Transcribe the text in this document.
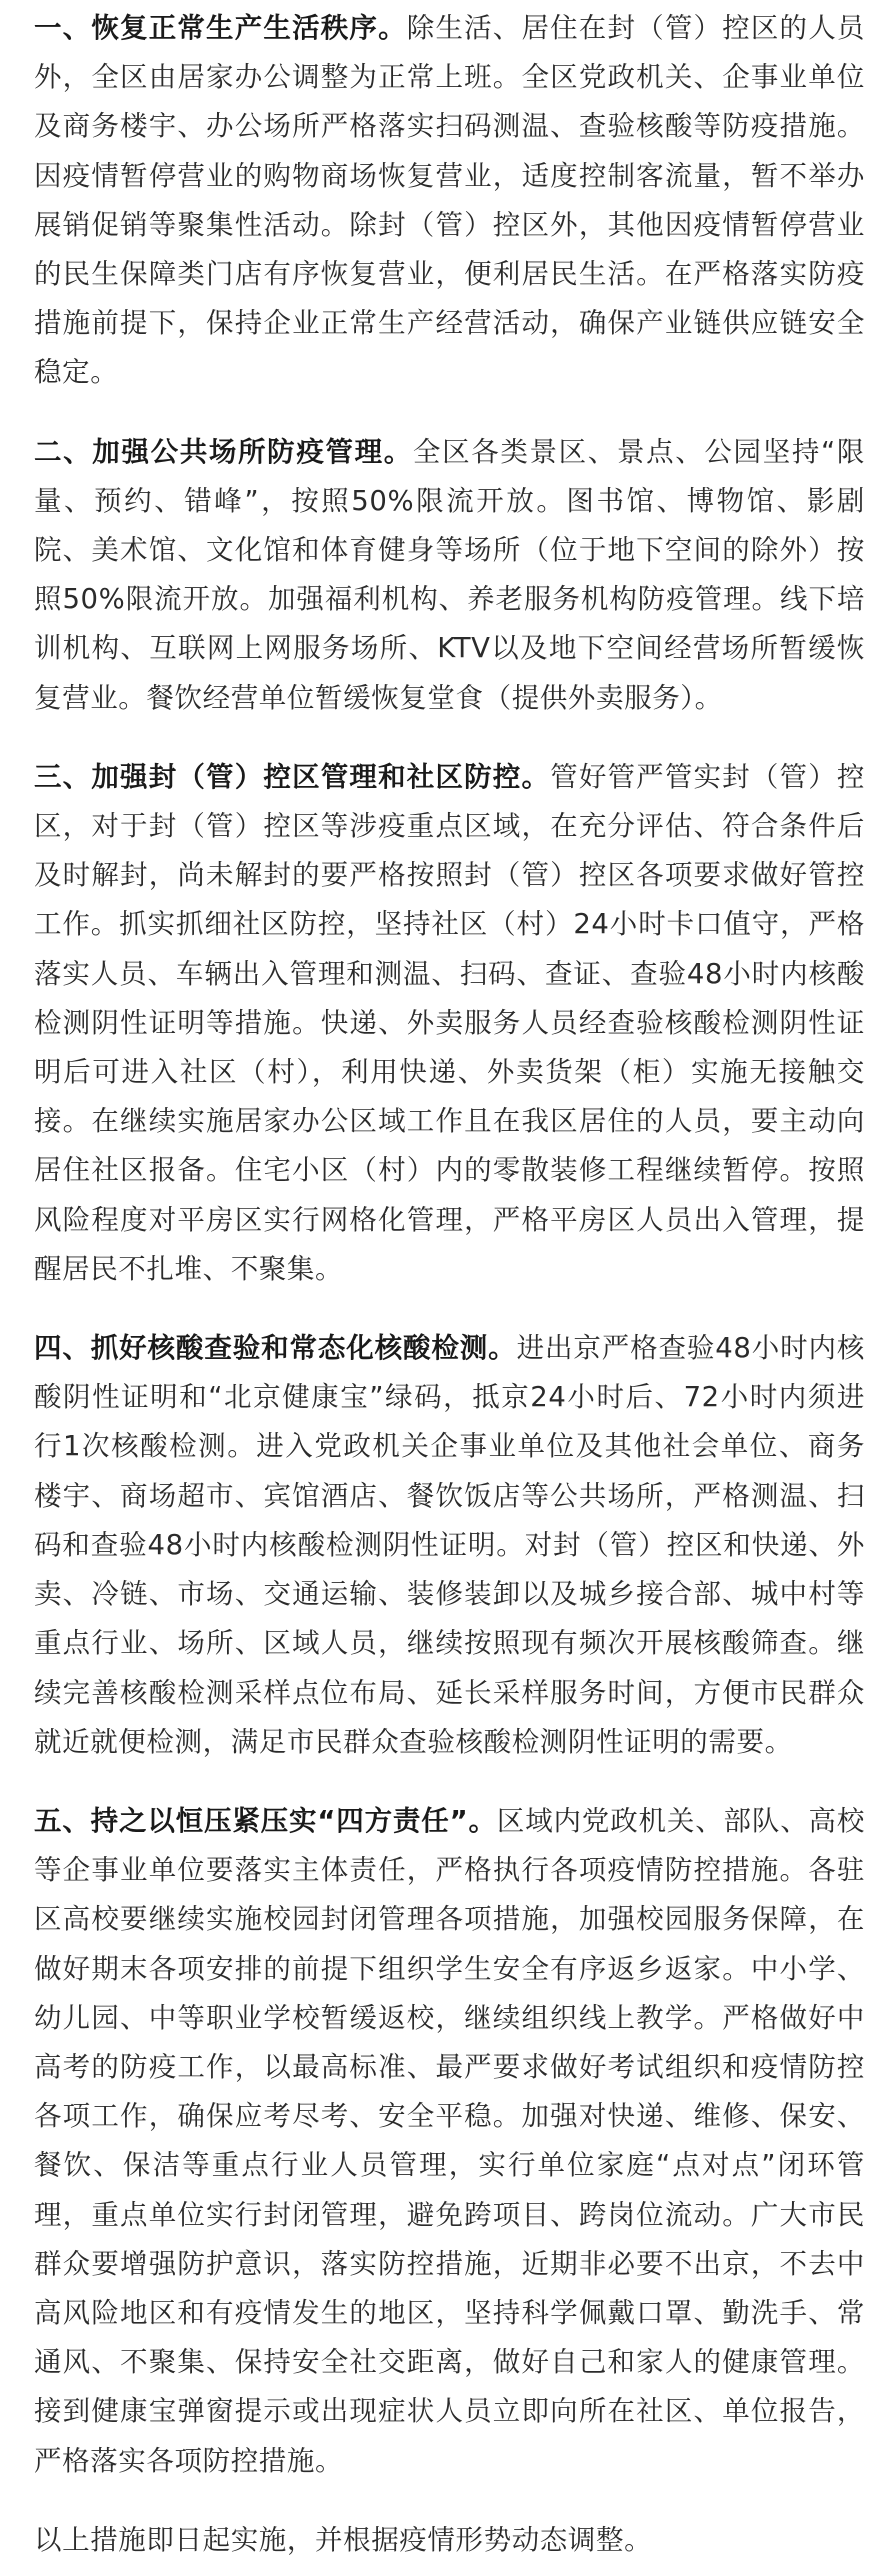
一、恢复正常生产生活秩序。除生活、居住在封（管）控区的人员外，全区由居家办公调整为正常上班。全区党政机关、企事业单位及商务楼宇、办公场所严格落实扫码测温、查验核酸等防疫措施。因疫情暂停营业的购物商场恢复营业，适度控制客流量，暂不举办展销促销等聚集性活动。除封（管）控区外，其他因疫情暂停营业的民生保障类门店有序恢复营业，便利居民生活。在严格落实防疫措施前提下，保持企业正常生产经营活动，确保产业链供应链安全稳定。

二、加强公共场所防疫管理。全区各类景区、景点、公园坚持“限量、预约、错峰”，按照50%限流开放。图书馆、博物馆、影剧院、美术馆、文化馆和体育健身等场所（位于地下空间的除外）按照50%限流开放。加强福利机构、养老服务机构防疫管理。线下培训机构、互联网上网服务场所、KTV以及地下空间经营场所暂缓恢复营业。餐饮经营单位暂缓恢复堂食（提供外卖服务）。

三、加强封（管）控区管理和社区防控。管好管严管实封（管）控区，对于封（管）控区等涉疫重点区域，在充分评估、符合条件后及时解封，尚未解封的要严格按照封（管）控区各项要求做好管控工作。抓实抓细社区防控，坚持社区（村）24小时卡口值守，严格落实人员、车辆出入管理和测温、扫码、查证、查验48小时内核酸检测阴性证明等措施。快递、外卖服务人员经查验核酸检测阴性证明后可进入社区（村），利用快递、外卖货架（柜）实施无接触交接。在继续实施居家办公区域工作且在我区居住的人员，要主动向居住社区报备。住宅小区（村）内的零散装修工程继续暂停。按照风险程度对平房区实行网格化管理，严格平房区人员出入管理，提醒居民不扎堆、不聚集。

四、抓好核酸查验和常态化核酸检测。进出京严格查验48小时内核酸阴性证明和“北京健康宝”绿码，抵京24小时后、72小时内须进行1次核酸检测。进入党政机关企事业单位及其他社会单位、商务楼宇、商场超市、宾馆酒店、餐饮饭店等公共场所，严格测温、扫码和查验48小时内核酸检测阴性证明。对封（管）控区和快递、外卖、冷链、市场、交通运输、装修装卸以及城乡接合部、城中村等重点行业、场所、区域人员，继续按照现有频次开展核酸筛查。继续完善核酸检测采样点位布局、延长采样服务时间，方便市民群众就近就便检测，满足市民群众查验核酸检测阴性证明的需要。

五、持之以恒压紧压实“四方责任”。区域内党政机关、部队、高校等企事业单位要落实主体责任，严格执行各项疫情防控措施。各驻区高校要继续实施校园封闭管理各项措施，加强校园服务保障，在做好期末各项安排的前提下组织学生安全有序返乡返家。中小学、幼儿园、中等职业学校暂缓返校，继续组织线上教学。严格做好中高考的防疫工作，以最高标准、最严要求做好考试组织和疫情防控各项工作，确保应考尽考、安全平稳。加强对快递、维修、保安、餐饮、保洁等重点行业人员管理，实行单位家庭“点对点”闭环管理，重点单位实行封闭管理，避免跨项目、跨岗位流动。广大市民群众要增强防护意识，落实防控措施，近期非必要不出京，不去中高风险地区和有疫情发生的地区，坚持科学佩戴口罩、勤洗手、常通风、不聚集、保持安全社交距离，做好自己和家人的健康管理。接到健康宝弹窗提示或出现症状人员立即向所在社区、单位报告，严格落实各项防控措施。

以上措施即日起实施，并根据疫情形势动态调整。
